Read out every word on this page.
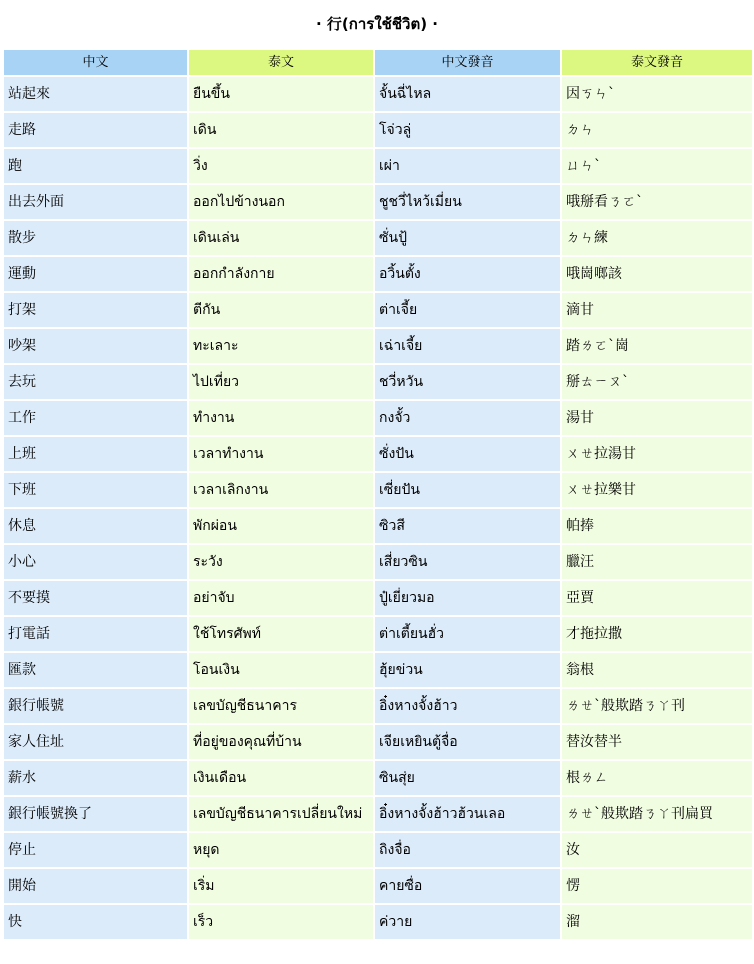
· 行(การใช้ชีวิต) ·
中文	泰文	中文發音	泰文發音
站起來	ยืนขึ้น	จั้นฉี่ไหล	因ㄎㄣˋ
走路	เดิน	โจ่วลู่	ㄉㄣ
跑	วิ่ง	เผ่า	ㄩㄣˋ
出去外面	ออกไปข้างนอก	ชูชวี่ไหว้เมี่ยน	哦掰看ㄋㄛˋ
散步	เดินเล่น	ซั่นปู้	ㄉㄣ練
運動	ออกกำลังกาย	อวิ้นตั้ง	哦崗啷該
打架	ตีกัน	ต่าเจี้ย	滴甘
吵架	ทะเลาะ	เฉ่าเจี้ย	踏ㄌㄛˋ崗
去玩	ไปเที่ยว	ชวี่หวัน	掰ㄊㄧㄡˋ
工作	ทำงาน	กงจั้ว	湯甘
上班	เวลาทำงาน	ซั่งปัน	ㄨㄝ拉湯甘
下班	เวลาเลิกงาน	เซี่ยปัน	ㄨㄝ拉樂甘
休息	พักผ่อน	ซิวสี	帕捧
小心	ระวัง	เสี่ยวซิน	臘汪
不要摸	อย่าจับ	ปู๋เยี่ยวมอ	亞賈
打電話	ใช้โทรศัพท์	ต่าเตี้ยนฮั่ว	才拖拉撒
匯款	โอนเงิน	ฮุ้ยข่วน	翁根
銀行帳號	เลขบัญชีธนาคาร	อิ๋งหางจั้งฮ้าว	ㄌㄝˋ般欺踏ㄋㄚ刊
家人住址	ที่อยู่ของคุณที่บ้าน	เจียเหยินตู้จื่อ	替汝替半
薪水	เงินเดือน	ซินสุ่ย	根ㄌㄥ
銀行帳號換了	เลขบัญชีธนาคารเปลี่ยนใหม่	อิ๋งหางจั้งฮ้าวฮ้วนเลอ	ㄌㄝˋ般欺踏ㄋㄚ刊扁買
停止	หยุด	ถิงจื่อ	汝
開始	เริ่ม	คายซื่อ	愣
快	เร็ว	ค่วาย	溜
